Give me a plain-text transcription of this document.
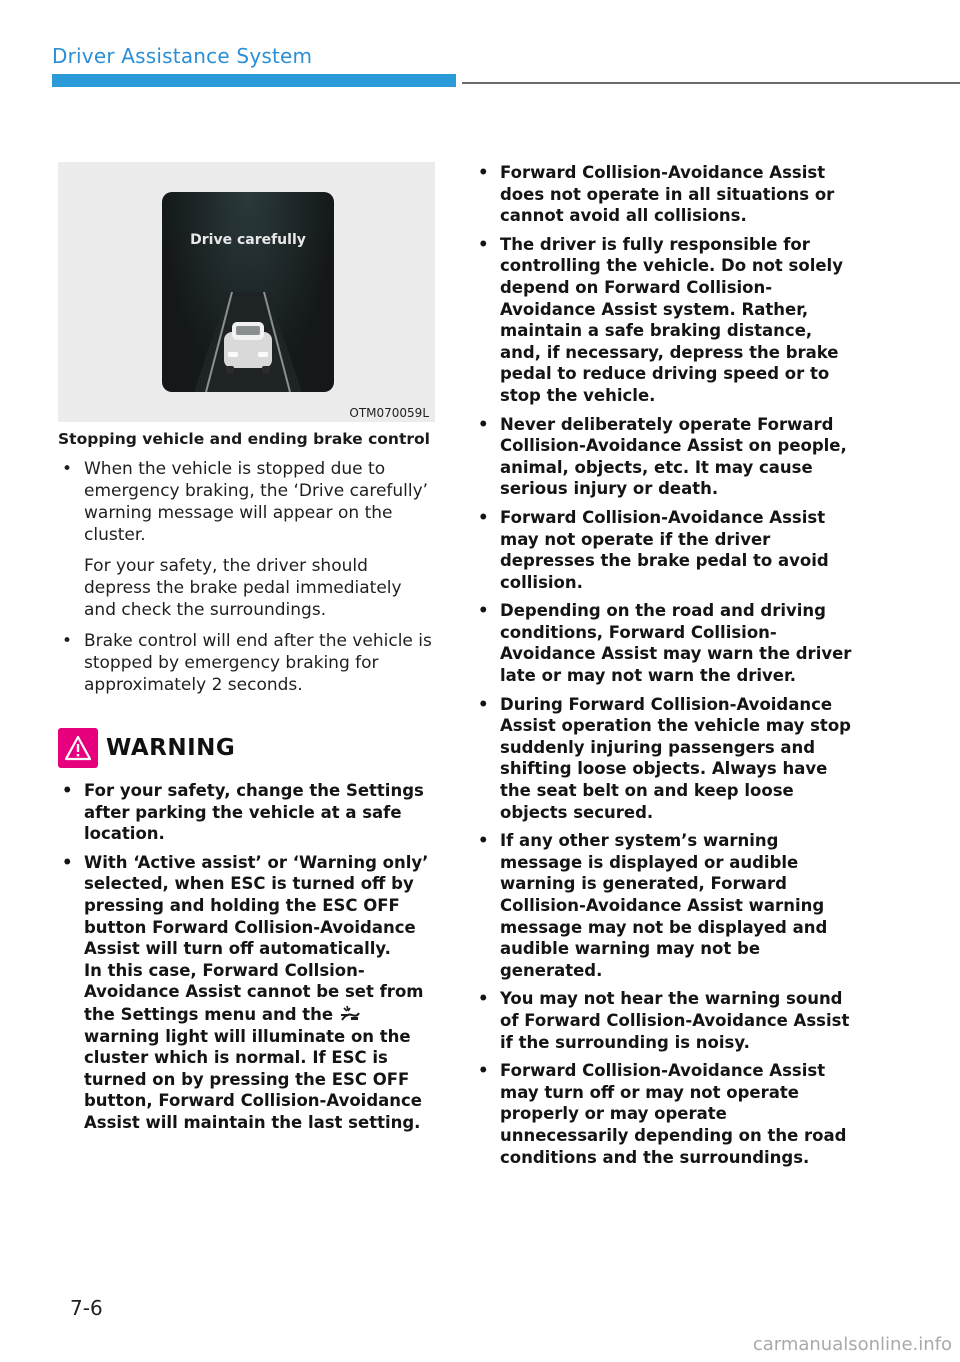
Driver Assistance System
Drive carefully
OTM070059L
Stopping vehicle and ending brake control
• When the vehicle is stopped due to emergency braking, the ‘Drive carefully’ warning message will appear on the cluster.

For your safety, the driver should depress the brake pedal immediately and check the surroundings.

• Brake control will end after the vehicle is stopped by emergency braking for approximately 2 seconds.
WARNING
• For your safety, change the Settings after parking the vehicle at a safe location.
• With ‘Active assist’ or ‘Warning only’ selected, when ESC is turned off by pressing and holding the ESC OFF button Forward Collision-Avoidance Assist will turn off automatically.
In this case, Forward Collsion-Avoidance Assist cannot be set from the Settings menu and the  warning light will illuminate on the cluster which is normal. If ESC is turned on by pressing the ESC OFF button, Forward Collision-Avoidance Assist will maintain the last setting.
• Forward Collision-Avoidance Assist does not operate in all situations or cannot avoid all collisions.
• The driver is fully responsible for controlling the vehicle. Do not solely depend on Forward Collision-Avoidance Assist system. Rather, maintain a safe braking distance, and, if necessary, depress the brake pedal to reduce driving speed or to stop the vehicle.
• Never deliberately operate Forward Collision-Avoidance Assist on people, animal, objects, etc. It may cause serious injury or death.
• Forward Collision-Avoidance Assist may not operate if the driver depresses the brake pedal to avoid collision.
• Depending on the road and driving conditions, Forward Collision-Avoidance Assist may warn the driver late or may not warn the driver.
• During Forward Collision-Avoidance Assist operation the vehicle may stop suddenly injuring passengers and shifting loose objects. Always have the seat belt on and keep loose objects secured.
• If any other system’s warning message is displayed or audible warning is generated, Forward Collision-Avoidance Assist warning message may not be displayed and audible warning may not be generated.
• You may not hear the warning sound of Forward Collision-Avoidance Assist if the surrounding is noisy.
• Forward Collision-Avoidance Assist may turn off or may not operate properly or may operate unnecessarily depending on the road conditions and the surroundings.
7-6
carmanualsonline.info
